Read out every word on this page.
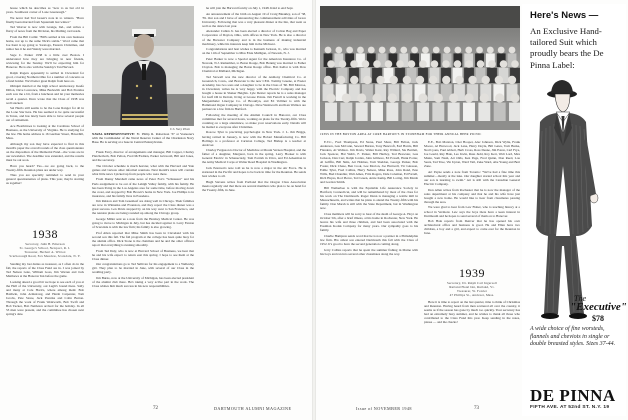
house which he describes as "new to us but old in years. Southwest corner of Lone Greenough."

We never had Ted Green's note in to winters. "Have finally been married from Squantum last winter."

Ted Weaver is now with Grange, Ind., and writes a flurry of notes from the Division, his Mailing card reads.

From the Bill Carlin: "Bill's settled at his own business home, not up to the same Nick's stable." Word came that Joe Kent is up going to Saratoga, Eastern Christmas, and rumor has it he and Wendy were married.

Sage C. Parker 1938 is a little over Boston. I understand how they are bringing in new friends, reviewing for the Sunday. We'll be expecting him for Hanover. He is also with the Sunday's Tan Harvard.

Ralph Rogers apparently is settled in Cleveland for good, covering Northern Ohio for a number of concerns as a fund holder. We'd better greet Ralph from here on.

Olmquit married at the high school anniversary. Keefe Dillon, Dave Lawrence, Mike Beckwith and Bob Prentiss each saw me a bit, from a luncheon and let your memories recall a quarter. Dave wrote that the Class of 1938 was well stacked.

Sal Harris still seems to be the Lone Ranger for all in the Lone Star here. He has seemed to be quite successful in Texas, and has lately been able to have several people out of retirement.

Ace Fleathirtoes is looking at the Carolinas School of Business, as the University of Virginia. He is studying for the law. His home address is 16 Gardner Street, Haverhill, Mass.

Although my son may have expected to find in this month's paper the overall rounds of the class questionnaire on the disposition of the Memorial Fund—the votes are in our newsletter. The deadline was extended, and the results must be out soon.

Have you heard? Yes—we are going back, to the Twenty-fifth. Reunion plans are under way.

Thus you are specially reminded to send in your general questionnaires of plans. This year, they're starting us together!

1938
Secretary, John H. Emerson
St. George's School, Newport, R. I.
Treasurer, Herbert A. Wilcox
Scarborough Road, Fox Meadow, Scarsdale, N. Y.

Sanding my last duties as treasurer, as I often do in the fall, the reports of the Class Fund are in. I was joined by Ted Nelson Gale, William Goss, Jim Warren and Jack Matthews at the Hanover Inn before the game.

Looking ahead a good bit we hope to see each of you at the Hall of the University, out Lugli's bound there. Sally and many at Cole Horn's, where among them: Bob Baldwin, John Armstrong, and Hersh Carpenter, Tom Jacobs, Pete Stone, Jack Prentiss and Colin Barton. Through the work of Frank Wentworth, Bob Swift and Bob Tucker, Bob Nettleton arrived for the holiday. In all 53 men were present, and the committee has chosen next spring's date.

U.S. Navy Photo
NAVAL REPRESENTATIVE: Fr. Philip R. Robertson '37 at Vosteone's with the Commander of the Naval Reserve Center of the Charleston Navy Base. He is serving at a base in Central Pennsylvania.

Frank Ferry, director of arrangements and manager, Bill Capper, Charley Pletcherboth, Bob Pelton, Fred McFadden, Parker Griswold, Bill and Jones, and the secretary.

The October schedule is much heavier, what with the Harvard and Yale games and various other informal reunions. Next month's notes will contain what little news I picked up from people who were there.

From Danny Marshall came news of Peter Fox's "Schnauzer" and his Paris assignment to be out of the Lehigh Valley family, with his family. He has been living in the Los Angeles area for some time, before moving down the coast, and stopped by Bob Brown's home in New York. Joe Phillips is in insurance, and his family lives in Pasadena.

Jim Ralston and Tom Greenleaf are doing well in Chicago. Their families are now in Winnetka and Evanston, and they report the Class dinner was a great success. Len Davis stopped by on his way west to San Francisco, and the reunion plans are being rounded up among the Chicago group.

George Miller sent us a note from the Hershey Medical Center. He was going to move to Michigan in July, but has decided against it. Larry Fenton of Scarsdale is with the law firm; his family is also growing.

Prof Allen reported that Mike Smith has been in Cleveland with his second son this fall. The fall program at the college has been quite busy for the alumni office. Dick Stone is the chairman and he and the other officers report that everything is running smoothly.

From Ted Daly, who is now at Harvard School of Business, we hear that he and his wife expect to return east this spring. I hope to see them at the Class dinner.

Our congratulations go to Ted Sullivan for his engagement to a Wellesley girl. They plan to be married in June, with several of our Class in the wedding party.

Jim Burns, now at the University of Michigan, has been elected president of the alumni club there. He's taking a very active part in the work. The Class wishes him much success in his new responsibilities.

he will join the Harvard faculty on July 1, 1948. Kind to end Sept.

An announcement of the birth on August 19 of Craig Bleakley, son of '38, '39. Our son and I have of announcing the commencement activities of Grace University. Following that was a very pleasant dinner at the Inn, that went as well as the dance last year.

Alexander Cullen Jr. has been elected a director of Colton Bag and Paper Corporation of Dayton, Ohio, with offices in New York. He is also a director of the Brewster Company and is in the business of making industrial machinery, while his interests keep him in the Midwest.

Congratulations and best wishes to Kenneth Jackson, Jr., who was married on the 11th of September to Miss Elsie Mulligan, of Newark, N. J.

Peter Barker is now a Special Agent for the American Insurance Co. of Newark, N.J. Remember, to Baton Rouge, Bob Hennig was married to Esther Clayton. Bob is managing the Baton Rouge office. Bob Kellar is with Dow Chemical at Midland, Michigan.

Ted Stowell was the new director of the Anthony Chemical Co. at Greenwich, Conn., and Brewster is the new CEO. Tommy Greene, at Exeter Academy, has two sons and a daughter to be in the Class of '60. Bill Monroe, in Cleveland, writes he is very happy with the Electric Company and has bought a house in Shaker Heights. Lyle Dexter reports he is a sales manager for Gulf Oil in Detroit, living at Grosse Pointe. Jim Farrell is working in the Mergenthaler Linotype Co. of Brooklyn, and Ed Vollmer is with the Hammond Organ Company in Chicago. Dave Wentworth and Ken Wallace are partners in a law firm in Hartford.

Following the meeting of the Alumni Council in Hanover, our Class committee met for several hours, working on plans for the Twenty-fifth. We're counting on a large attendance, so make your reservations early. Details will be mailed to everyone after Christmas.

Roscoe Tyler is practicing psychologist in New York. J. L. Jim Briggs, having retired in January, is now with the Hobart Manufacturing Co. Bill Hollings is a professor at Carleton College, Ted Bishop is a teacher at Andover.

Charley Ferguson is Doctor of Medicine at Mount Vernon Hospital, and the father of a daughter, Margaret, born in the spring. Larry Hooker is with General Electric in Schenectady, Tom Parrish in Utica, and Ed Ackerman in the Army Medical Corps at Walter Reed Hospital in Washington.

Jack Peterson's note told us he is now a major in the Air Force. He is stationed in the Pacific and hopes to be back in time for the Reunion. He sends best wishes to all.

Hugh Stevens writes from Portland that the Oregon Class Association meets regularly and that there are several members who plan to be on hand for the Twenty-fifth, in June.

72	DARTMOUTH ALUMNI MAGAZINE
1939S IN THE BOSTON AREA AT CORE BARTON'S IN STONEHAM FOR THEIR ANNUAL BEER PICNIC

E.T.C., Fred Thompson, Ed Stone, Paul Shaw, Bill Fulton, Jack Anderson, Gus McCann, Seward Burton, Tony Bancroft, Earl Harris, Bill Flanders, Al Wallace. Jim Davis, Walter Kent, Ray Willard, Stu Bartlett, Jack Spencer, Hal Webb, F. Parker, Bill Hartley, Ted Brewster, Gus Jackson, Dan Carr, Ralph Jordan, John Gilmore, Ed Powell, Hank Porter, Al Griffin, Bill Sims, Art Holmes, Tom Sheldon, George Parker, Bob Foster, Dick Chase, Ben Cook, Lee Morton, Joe Hartwell, Vic Gleason, Eddie Tyler, Fred Collins, Harry Nelson, Mike Ross, John Rand, Pete Wills, Bud Chandler, Walt Ames, Fritz Rogers, Dale Coleman, Ed Farrell, Rich Hayes, Rod Pierce, Ted Green, Arnie Kemp, Bill Loring, Jim Marsh and Gordon Smith.

Bill Wetherbee is with the Equitable Life Assurance Society in Hartford, Connecticut, and will be remembered by most of the class for his work on The Dartmouth. Roger Dunn is managing a textile mill in Massachusetts, and writes that he plans to attend the Twenty-fifth with his family. Don Marsh is still with the State Department, but in Washington now.

Class members will be sorry to hear of the death of George A. Hoyt on October 5th, after a brief illness, at his home in Rochester, New York. He leaves his wife and three children, and had been associated with the Eastman Kodak Company for many years. Our sympathy goes to his family.

Charlie Hampton sends word that he is now a partner in a Philadelphia law firm. His oldest son entered Dartmouth this fall with the Class of 1952. It's good to have the second generation coming along.

Jerry Collins reports that he spent the summer fishing in Maine with his boys and ran into several other classmates along the way.

E.E., Bob Marston, Chet Hooper, Alec Johnson, Dick Wylie, Frank Moore, Al Harwood, Jack Lane, Harry Doyle, Bill Gates, Tom Burke, Ned Lyons, Paul Abbott, Herb Cross, Ross Deane, Jim Eaton, Carl Frye, Joe Gould, Ray Hale, Leo Irwin, Russ Judd, Roy Kerr, Walt Lord, Max Munn, Sam Nash, Art Olds, Ken Page, Fred Quinn, Don Reed, Lou Sears, Ted True, Vin Upton, Ward Vail, Zeke Ward, Abe Young and Bert Zane.

Art Payne sends a note from Toronto: "We've had a fine time this summer—mostly at the lake. Our daughter started school this year and our son is learning to swim." Art is still with the Canadian General Electric Company.

Don Allen writes from Rochester that he is now the manager of the sales department at his company and that he and his wife have just bought a new home. He would like to hear from classmates passing through the area.

We were glad to hear from Lew Fisher, who is teaching history at a school in Vermont. Lew says the boys there have a keen interest in Dartmouth and he hopes to send several of them on to Hanover.

Bob Hale reports from Denver that he has opened his own architectural office and business is good. He and Ellen have two children, a boy and a girl, and expect to come east for the Reunion in June.

1939
Secretary, Dr. Ralph Carl Ingersoll
Rutland Hotel Inn, Rutland, Vt.
Treasurer, W. Fowler
47 Phillips St., Andover, Mass.

Here it is time to report on the last quarter, time to think of Christmas and Reunion. Having heard from men scattered all over the country, it seems as if the season has gone by much too quickly. Your secretary has had an extremely busy summer, and he wishes to thank all those who contributed to the Class Fund this year. Keep sending in the notes, please — and the checks!

Issue of NOVEMBER 1948	73
Here's News —
An Exclusive Hand-tailored Suit which proudly bears the De Pinna Label:
The
"Executive"
$78
A wide choice of fine worsteds, flannels and cheviots in single or double breasted styles. Sizes 37-44.
DE PINNA
FIFTH AVE. AT 52nd ST. N.Y. 19
